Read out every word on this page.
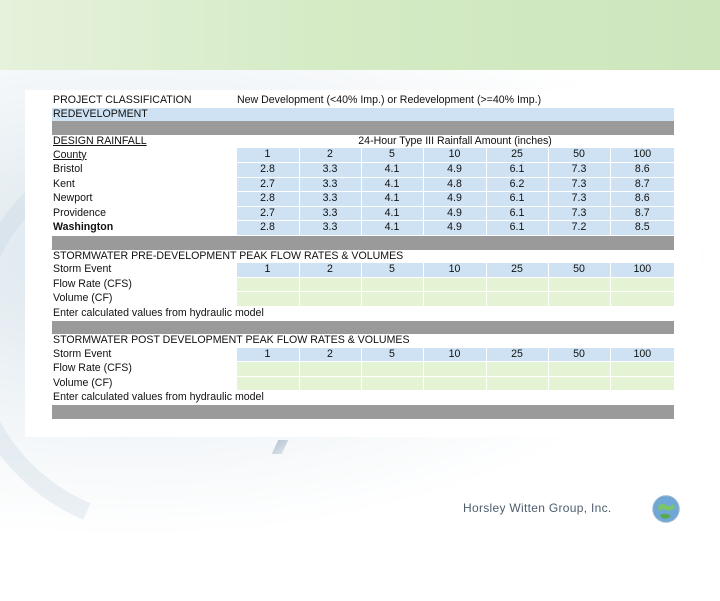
PROJECT CLASSIFICATION	New Development (<40% Imp.) or Redevelopment (>=40% Imp.)						
REDEVELOPMENT							

DESIGN RAINFALL	24-Hour Type III Rainfall Amount (inches)						
County	1	2	5	10	25	50	100
Bristol	2.8	3.3	4.1	4.9	6.1	7.3	8.6
Kent	2.7	3.3	4.1	4.8	6.2	7.3	8.7
Newport	2.8	3.3	4.1	4.9	6.1	7.3	8.6
Providence	2.7	3.3	4.1	4.9	6.1	7.3	8.7
Washington	2.8	3.3	4.1	4.9	6.1	7.2	8.5

STORMWATER PRE-DEVELOPMENT PEAK FLOW RATES & VOLUMES							
Storm Event	1	2	5	10	25	50	100
Flow Rate (CFS)							
Volume (CF)							
Enter calculated values from hydraulic model							

STORMWATER POST DEVELOPMENT PEAK FLOW RATES & VOLUMES							
Storm Event	1	2	5	10	25	50	100
Flow Rate (CFS)							
Volume (CF)							
Enter calculated values from hydraulic model							

Horsley Witten Group, Inc.
